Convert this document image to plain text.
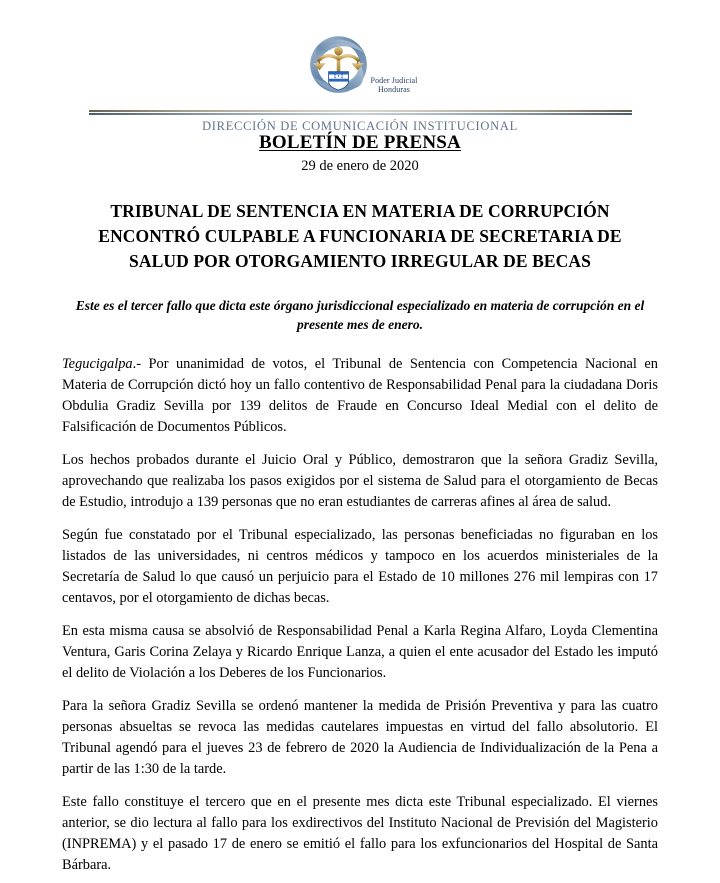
Poder Judicial
Honduras
DIRECCIÓN DE COMUNICACIÓN INSTITUCIONAL
BOLETÍN DE PRENSA
29 de enero de 2020
TRIBUNAL DE SENTENCIA EN MATERIA DE CORRUPCIÓN ENCONTRÓ CULPABLE A FUNCIONARIA DE SECRETARIA DE SALUD POR OTORGAMIENTO IRREGULAR DE BECAS
Este es el tercer fallo que dicta este órgano jurisdiccional especializado en materia de corrupción en el presente mes de enero.

Tegucigalpa.- Por unanimidad de votos, el Tribunal de Sentencia con Competencia Nacional en Materia de Corrupción dictó hoy un fallo contentivo de Responsabilidad Penal para la ciudadana Doris Obdulia Gradiz Sevilla por 139 delitos de Fraude en Concurso Ideal Medial con el delito de Falsificación de Documentos Públicos.

Los hechos probados durante el Juicio Oral y Público, demostraron que la señora Gradiz Sevilla, aprovechando que realizaba los pasos exigidos por el sistema de Salud para el otorgamiento de Becas de Estudio, introdujo a 139 personas que no eran estudiantes de carreras afines al área de salud.

Según fue constatado por el Tribunal especializado, las personas beneficiadas no figuraban en los listados de las universidades, ni centros médicos y tampoco en los acuerdos ministeriales de la Secretaría de Salud lo que causó un perjuicio para el Estado de 10 millones 276 mil lempiras con 17 centavos, por el otorgamiento de dichas becas.

En esta misma causa se absolvió de Responsabilidad Penal a Karla Regina Alfaro, Loyda Clementina Ventura, Garis Corina Zelaya y Ricardo Enrique Lanza, a quien el ente acusador del Estado les imputó el delito de Violación a los Deberes de los Funcionarios.

Para la señora Gradiz Sevilla se ordenó mantener la medida de Prisión Preventiva y para las cuatro personas absueltas se revoca las medidas cautelares impuestas en virtud del fallo absolutorio. El Tribunal agendó para el jueves 23 de febrero de 2020 la Audiencia de Individualización de la Pena a partir de las 1:30 de la tarde.

Este fallo constituye el tercero que en el presente mes dicta este Tribunal especializado. El viernes anterior, se dio lectura al fallo para los exdirectivos del Instituto Nacional de Previsión del Magisterio (INPREMA) y el pasado 17 de enero se emitió el fallo para los exfuncionarios del Hospital de Santa Bárbara.
